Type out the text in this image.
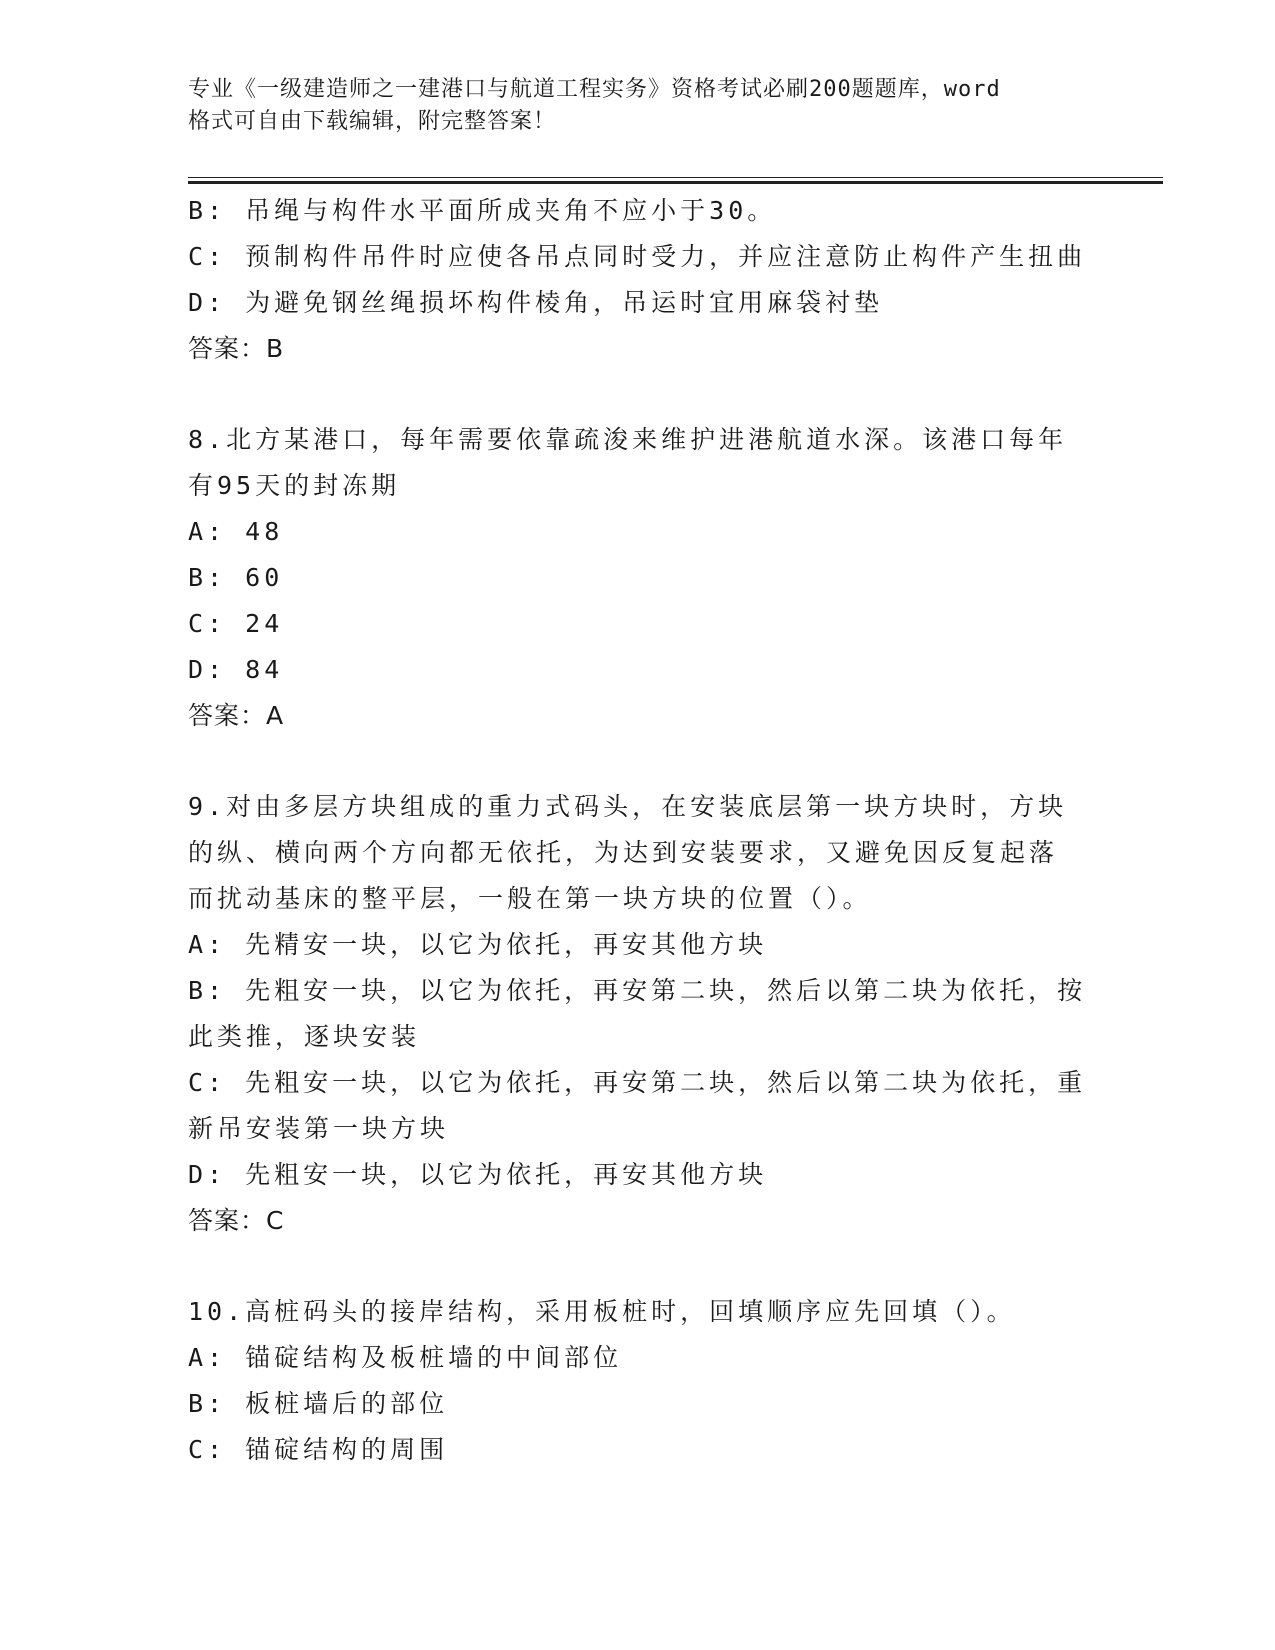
专业《一级建造师之一建港口与航道工程实务》资格考试必刷200题题库，word
格式可自由下载编辑，附完整答案！
B: 吊绳与构件水平面所成夹角不应小于30。
C: 预制构件吊件时应使各吊点同时受力，并应注意防止构件产生扭曲
D: 为避免钢丝绳损坏构件棱角，吊运时宜用麻袋衬垫
答案：B
8.北方某港口，每年需要依靠疏浚来维护进港航道水深。该港口每年
有95天的封冻期
A: 48
B: 60
C: 24
D: 84
答案：A
9.对由多层方块组成的重力式码头，在安装底层第一块方块时，方块
的纵、横向两个方向都无依托，为达到安装要求，又避免因反复起落
而扰动基床的整平层，一般在第一块方块的位置（）。
A: 先精安一块，以它为依托，再安其他方块
B: 先粗安一块，以它为依托，再安第二块，然后以第二块为依托，按
此类推，逐块安装
C: 先粗安一块，以它为依托，再安第二块，然后以第二块为依托，重
新吊安装第一块方块
D: 先粗安一块，以它为依托，再安其他方块
答案：C
10.高桩码头的接岸结构，采用板桩时，回填顺序应先回填（）。
A: 锚碇结构及板桩墙的中间部位
B: 板桩墙后的部位
C: 锚碇结构的周围
